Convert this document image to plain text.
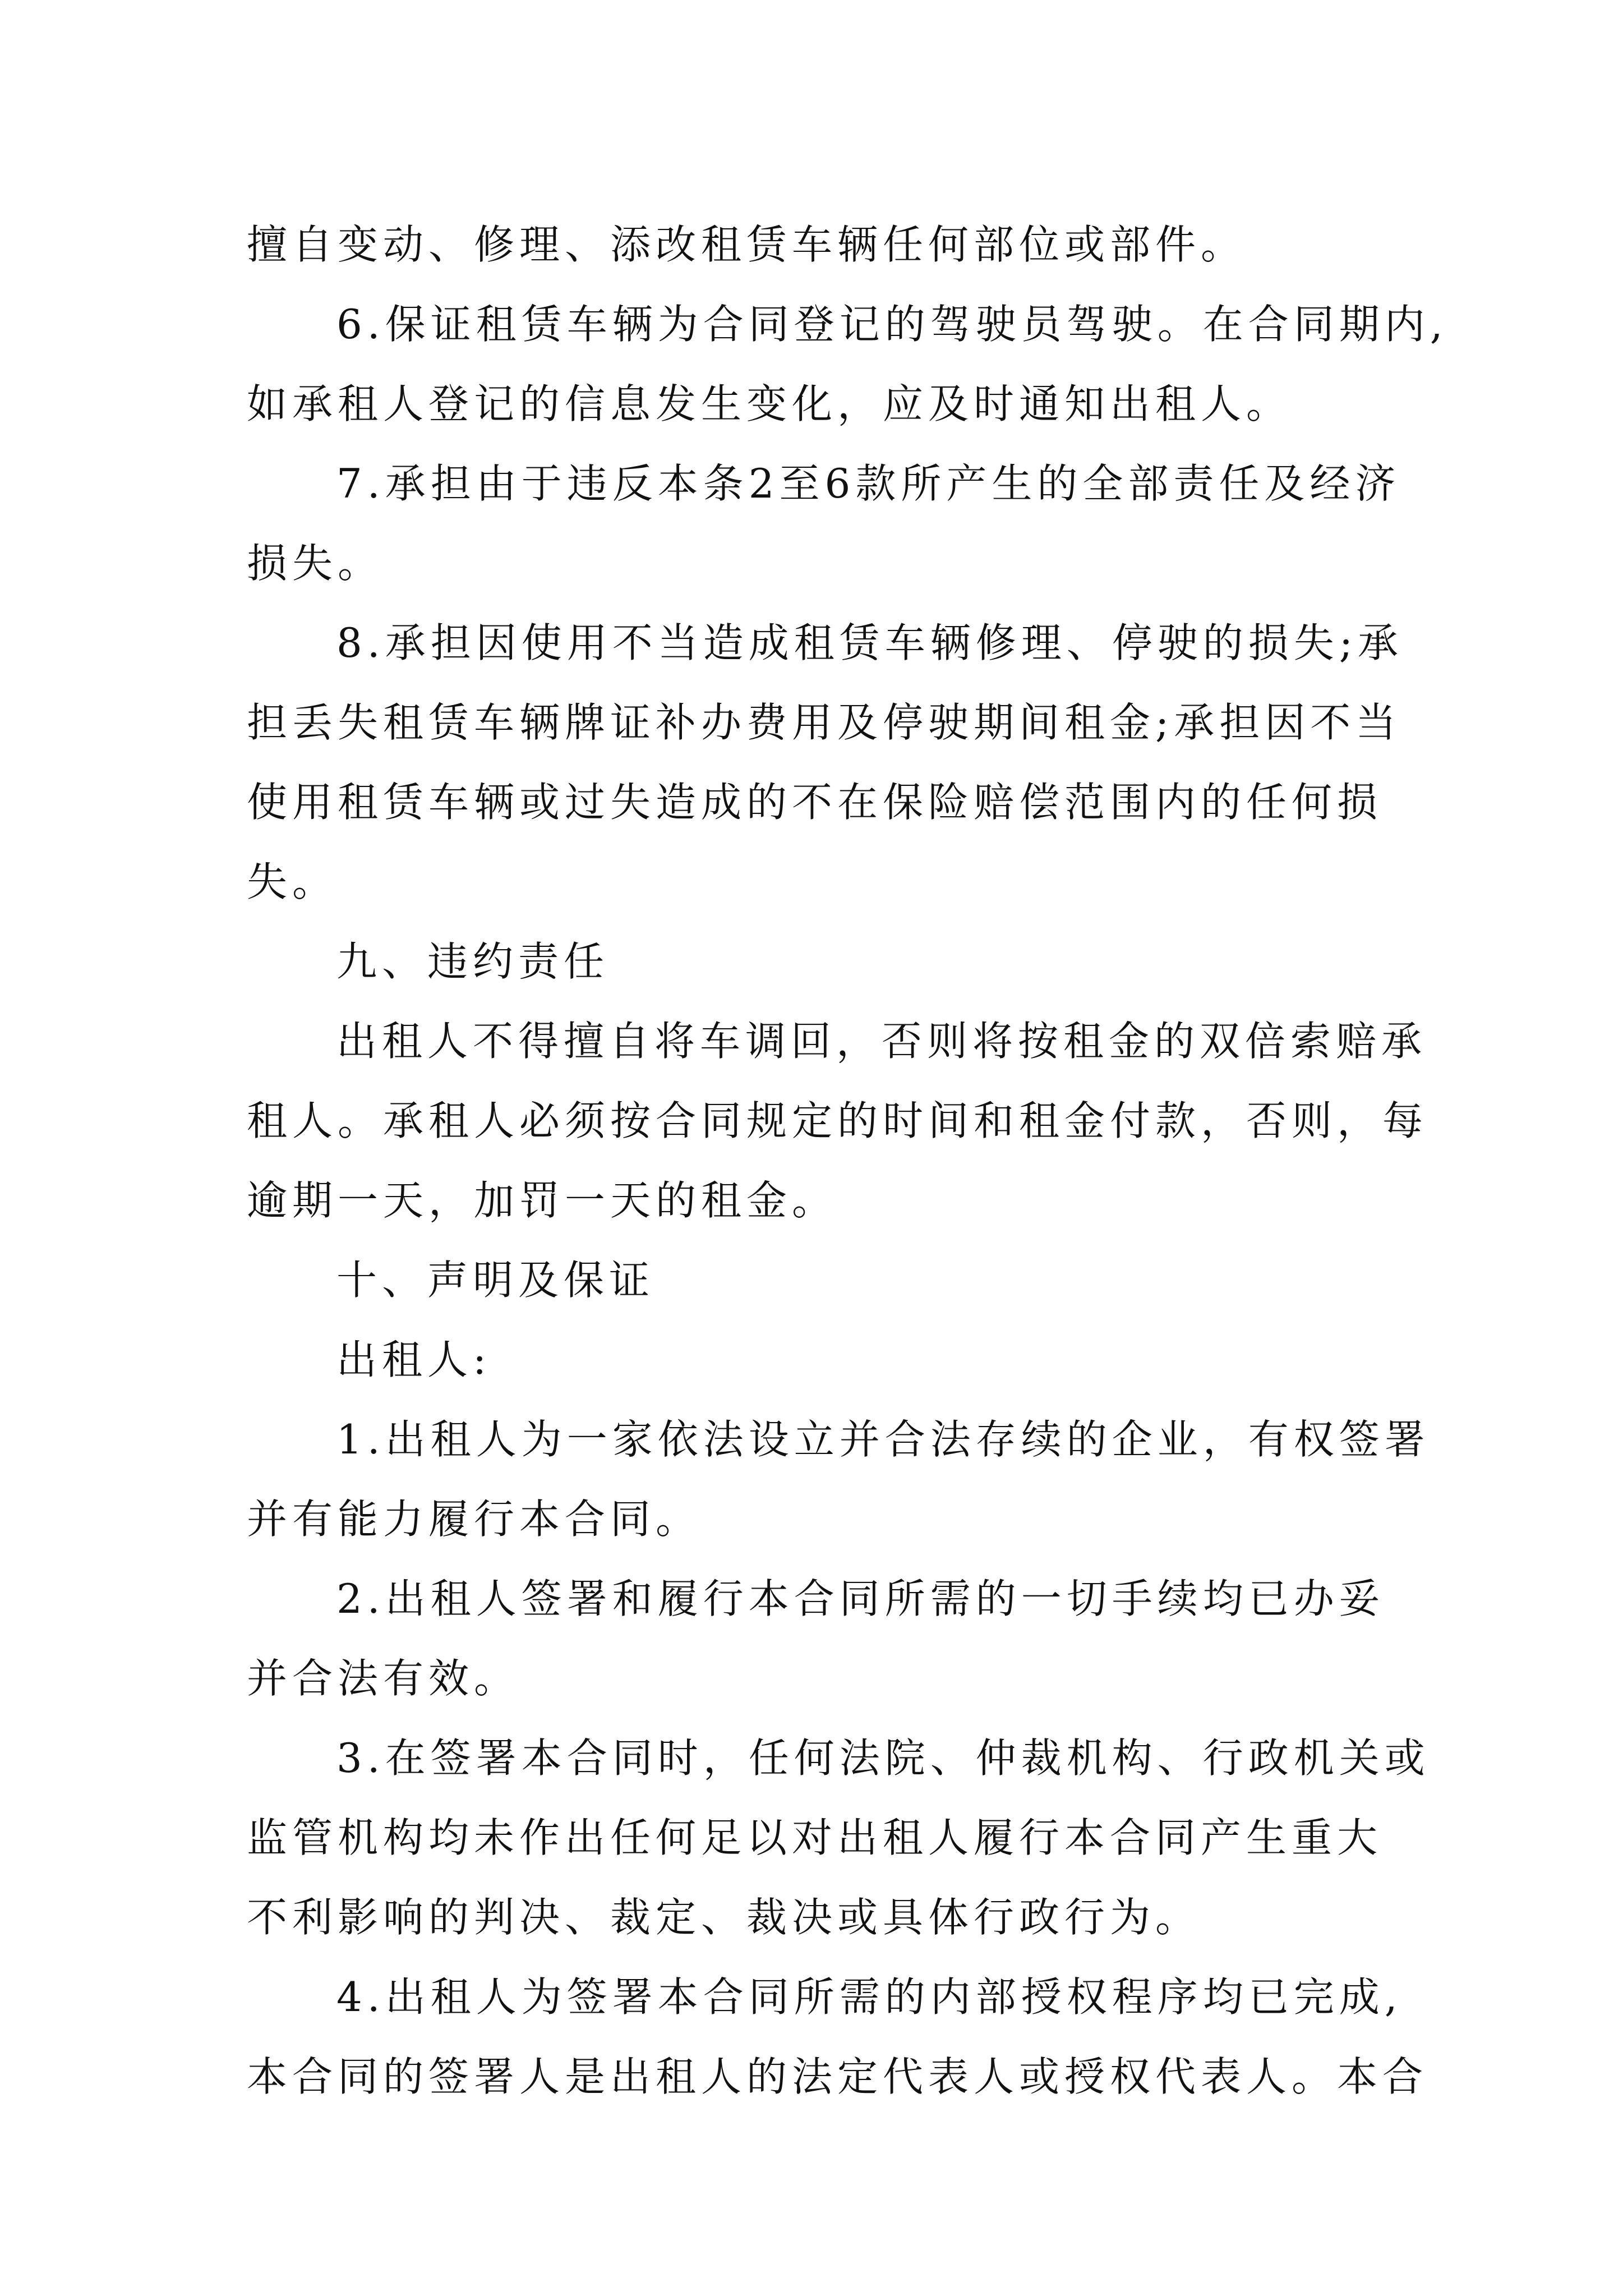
擅自变动、修理、添改租赁车辆任何部位或部件。
6.保证租赁车辆为合同登记的驾驶员驾驶。在合同期内,
如承租人登记的信息发生变化，应及时通知出租人。
7.承担由于违反本条2至6款所产生的全部责任及经济
损失。
8.承担因使用不当造成租赁车辆修理、停驶的损失;承
担丢失租赁车辆牌证补办费用及停驶期间租金;承担因不当
使用租赁车辆或过失造成的不在保险赔偿范围内的任何损
失。
九、违约责任
出租人不得擅自将车调回，否则将按租金的双倍索赔承
租人。承租人必须按合同规定的时间和租金付款，否则，每
逾期一天，加罚一天的租金。
十、声明及保证
出租人:
1.出租人为一家依法设立并合法存续的企业，有权签署
并有能力履行本合同。
2.出租人签署和履行本合同所需的一切手续均已办妥
并合法有效。
3.在签署本合同时，任何法院、仲裁机构、行政机关或
监管机构均未作出任何足以对出租人履行本合同产生重大
不利影响的判决、裁定、裁决或具体行政行为。
4.出租人为签署本合同所需的内部授权程序均已完成,
本合同的签署人是出租人的法定代表人或授权代表人。本合
